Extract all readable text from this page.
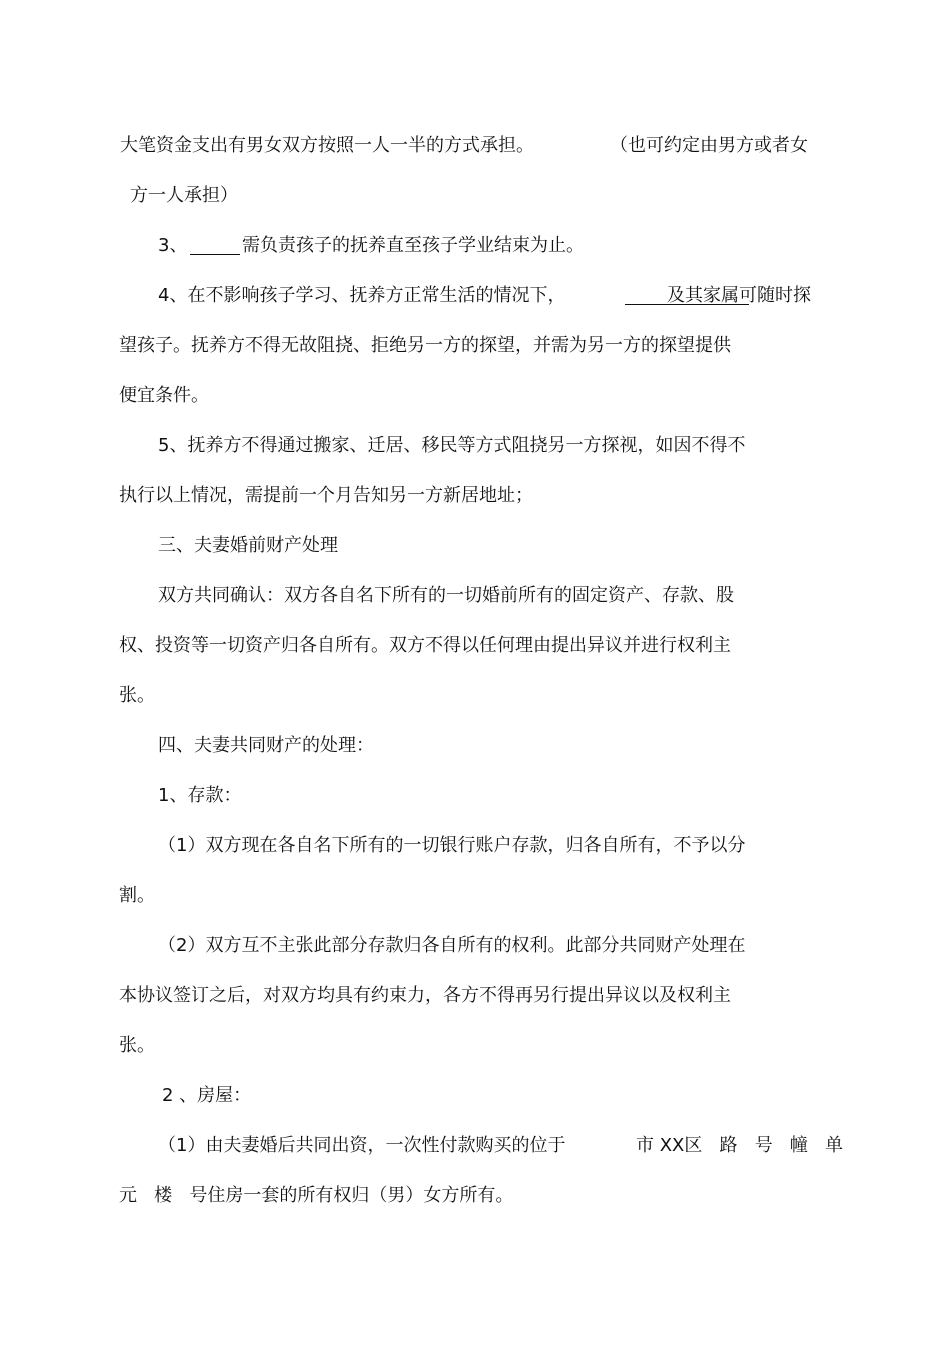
大笔资金支出有男女双方按照一人一半的方式承担。	（也可约定由男方或者女
方一人承担）
3、	需负责孩子的抚养直至孩子学业结束为止。
4、在不影响孩子学习、抚养方正常生活的情况下，	及其家属可随时探
望孩子。抚养方不得无故阻挠、拒绝另一方的探望，并需为另一方的探望提供
便宜条件。
5、抚养方不得通过搬家、迁居、移民等方式阻挠另一方探视，如因不得不
执行以上情况，需提前一个月告知另一方新居地址；
三、夫妻婚前财产处理
双方共同确认：双方各自名下所有的一切婚前所有的固定资产、存款、股
权、投资等一切资产归各自所有。双方不得以任何理由提出异议并进行权利主
张。
四、夫妻共同财产的处理：
1、存款：
（1）双方现在各自名下所有的一切银行账户存款，归各自所有，不予以分
割。
（2）双方互不主张此部分存款归各自所有的权利。此部分共同财产处理在
本协议签订之后，对双方均具有约束力，各方不得再另行提出异议以及权利主
张。
2 、房屋：
（1）由夫妻婚后共同出资，一次性付款购买的位于	市 XX区   路   号   幢   单
元   楼   号住房一套的所有权归（男）女方所有。
